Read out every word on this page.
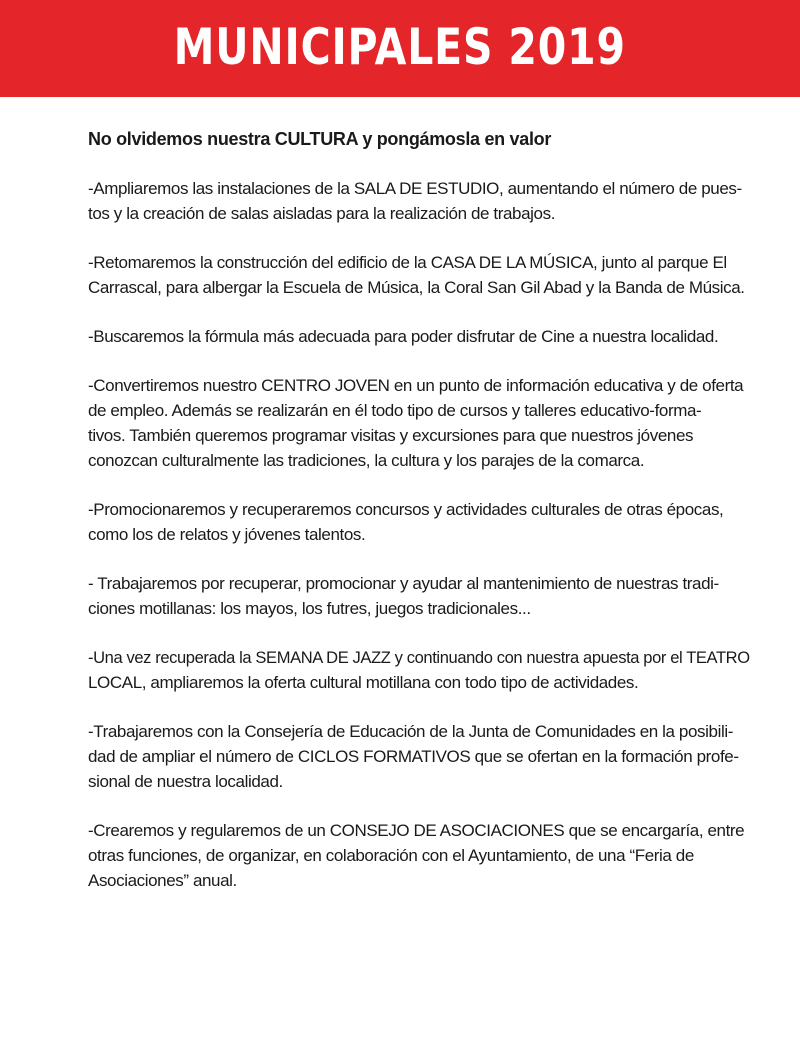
MUNICIPALES 2019
No olvidemos nuestra CULTURA y pongámosla en valor
-Ampliaremos las instalaciones de la SALA DE ESTUDIO, aumentando el número de pues-
tos y la creación de salas aisladas para la realización de trabajos.
-Retomaremos la construcción del edificio de la CASA DE LA MÚSICA, junto al parque El
Carrascal, para albergar la Escuela de Música, la Coral San Gil Abad y la Banda de Música.
-Buscaremos la fórmula más adecuada para poder disfrutar de Cine a nuestra localidad.
-Convertiremos nuestro CENTRO JOVEN en un punto de información educativa y de oferta
de empleo. Además se realizarán en él todo tipo de cursos y talleres educativo-forma-
tivos. También queremos programar visitas y excursiones para que nuestros jóvenes
conozcan culturalmente las tradiciones, la cultura y los parajes de la comarca.
-Promocionaremos y recuperaremos concursos y actividades culturales de otras épocas,
como los de relatos y jóvenes talentos.
- Trabajaremos por recuperar, promocionar y ayudar al mantenimiento de nuestras tradi-
ciones motillanas: los mayos, los futres, juegos tradicionales...
-Una vez recuperada la SEMANA DE JAZZ y continuando con nuestra apuesta por el TEATRO
LOCAL, ampliaremos la oferta cultural motillana con todo tipo de actividades.
-Trabajaremos con la Consejería de Educación de la Junta de Comunidades en la posibili-
dad de ampliar el número de CICLOS FORMATIVOS que se ofertan en la formación profe-
sional de nuestra localidad.
-Crearemos y regularemos de un CONSEJO DE ASOCIACIONES que se encargaría, entre
otras funciones, de organizar, en colaboración con el Ayuntamiento, de una “Feria de
Asociaciones” anual.
